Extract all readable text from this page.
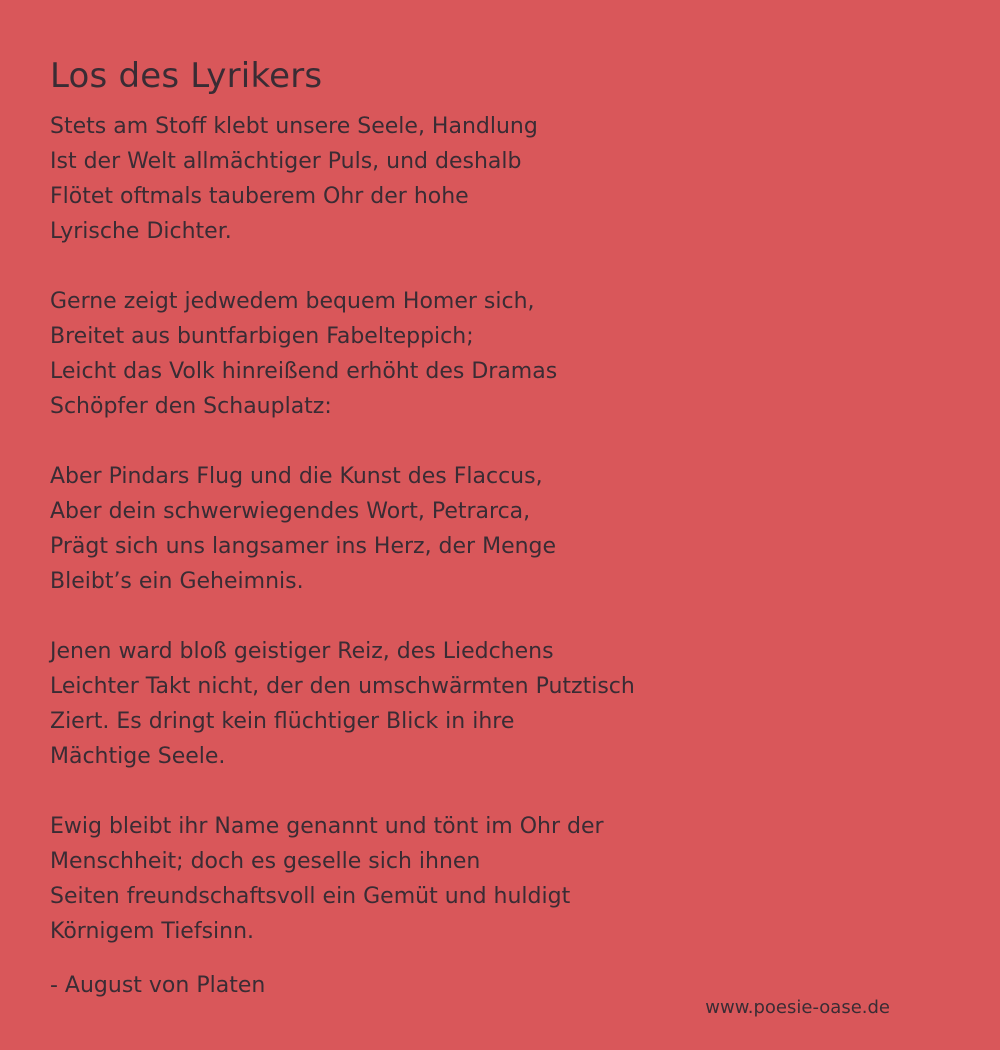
Los des Lyrikers
Stets am Stoff klebt unsere Seele, Handlung
Ist der Welt allmächtiger Puls, und deshalb
Flötet oftmals tauberem Ohr der hohe
Lyrische Dichter.
Gerne zeigt jedwedem bequem Homer sich,
Breitet aus buntfarbigen Fabelteppich;
Leicht das Volk hinreißend erhöht des Dramas
Schöpfer den Schauplatz:
Aber Pindars Flug und die Kunst des Flaccus,
Aber dein schwerwiegendes Wort, Petrarca,
Prägt sich uns langsamer ins Herz, der Menge
Bleibt’s ein Geheimnis.
Jenen ward bloß geistiger Reiz, des Liedchens
Leichter Takt nicht, der den umschwärmten Putztisch
Ziert. Es dringt kein flüchtiger Blick in ihre
Mächtige Seele.
Ewig bleibt ihr Name genannt und tönt im Ohr der
Menschheit; doch es geselle sich ihnen
Seiten freundschaftsvoll ein Gemüt und huldigt
Körnigem Tiefsinn.
- August von Platen
www.poesie-oase.de
